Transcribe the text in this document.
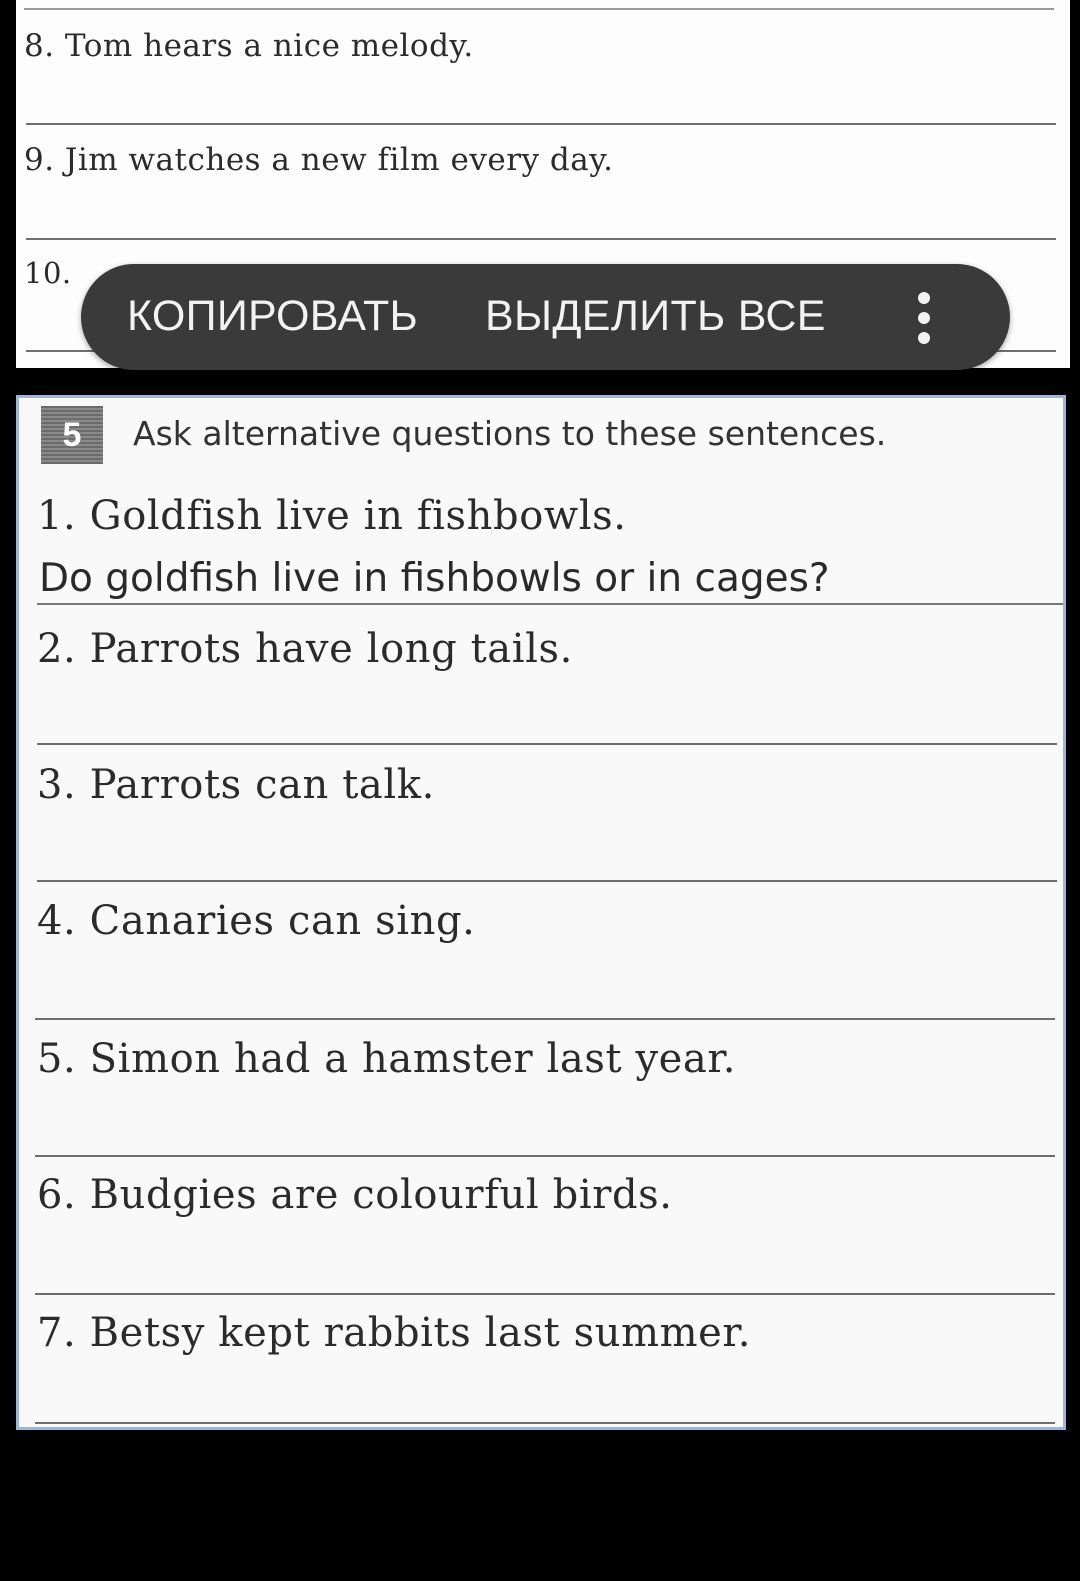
8. Tom hears a nice melody.
9. Jim watches a new film every day.
10.
КОПИРОВАТЬ ВЫДЕЛИТЬ ВСЕ
5	Ask alternative questions to these sentences.
1. Goldfish live in fishbowls.
Do goldfish live in fishbowls or in cages?
2. Parrots have long tails.
3. Parrots can talk.
4. Canaries can sing.
5. Simon had a hamster last year.
6. Budgies are colourful birds.
7. Betsy kept rabbits last summer.
